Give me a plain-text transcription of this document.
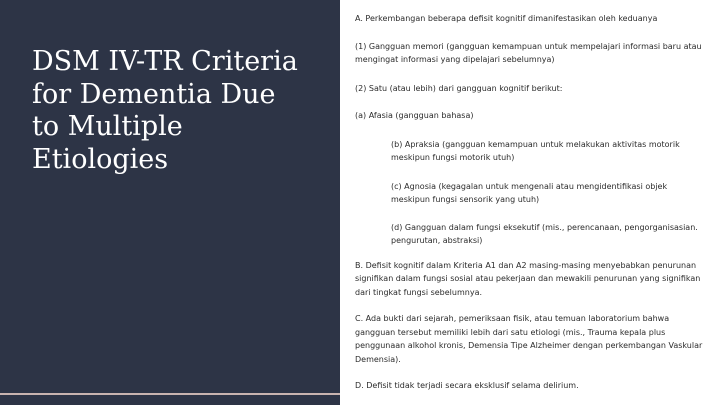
DSM IV-TR Criteria
for Dementia Due
to Multiple
Etiologies

A. Perkembangan beberapa defisit kognitif dimanifestasikan oleh keduanya

(1) Gangguan memori (gangguan kemampuan untuk mempelajari informasi baru atau mengingat informasi yang dipelajari sebelumnya)

(2) Satu (atau lebih) dari gangguan kognitif berikut:

(a) Afasia (gangguan bahasa)

(b) Apraksia (gangguan kemampuan untuk melakukan aktivitas motorik meskipun fungsi motorik utuh)

(c) Agnosia (kegagalan untuk mengenali atau mengidentifikasi objek meskipun fungsi sensorik yang utuh)

(d) Gangguan dalam fungsi eksekutif (mis., perencanaan, pengorganisasian. pengurutan, abstraksi)

B. Defisit kognitif dalam Kriteria A1 dan A2 masing-masing menyebabkan penurunan signifikan dalam fungsi sosial atau pekerjaan dan mewakili penurunan yang signifikan dari tingkat fungsi sebelumnya.

C. Ada bukti dari sejarah, pemeriksaan fisik, atau temuan laboratorium bahwa gangguan tersebut memiliki lebih dari satu etiologi (mis., Trauma kepala plus penggunaan alkohol kronis, Demensia Tipe Alzheimer dengan perkembangan Vaskular Demensia).

D. Defisit tidak terjadi secara eksklusif selama delirium.
